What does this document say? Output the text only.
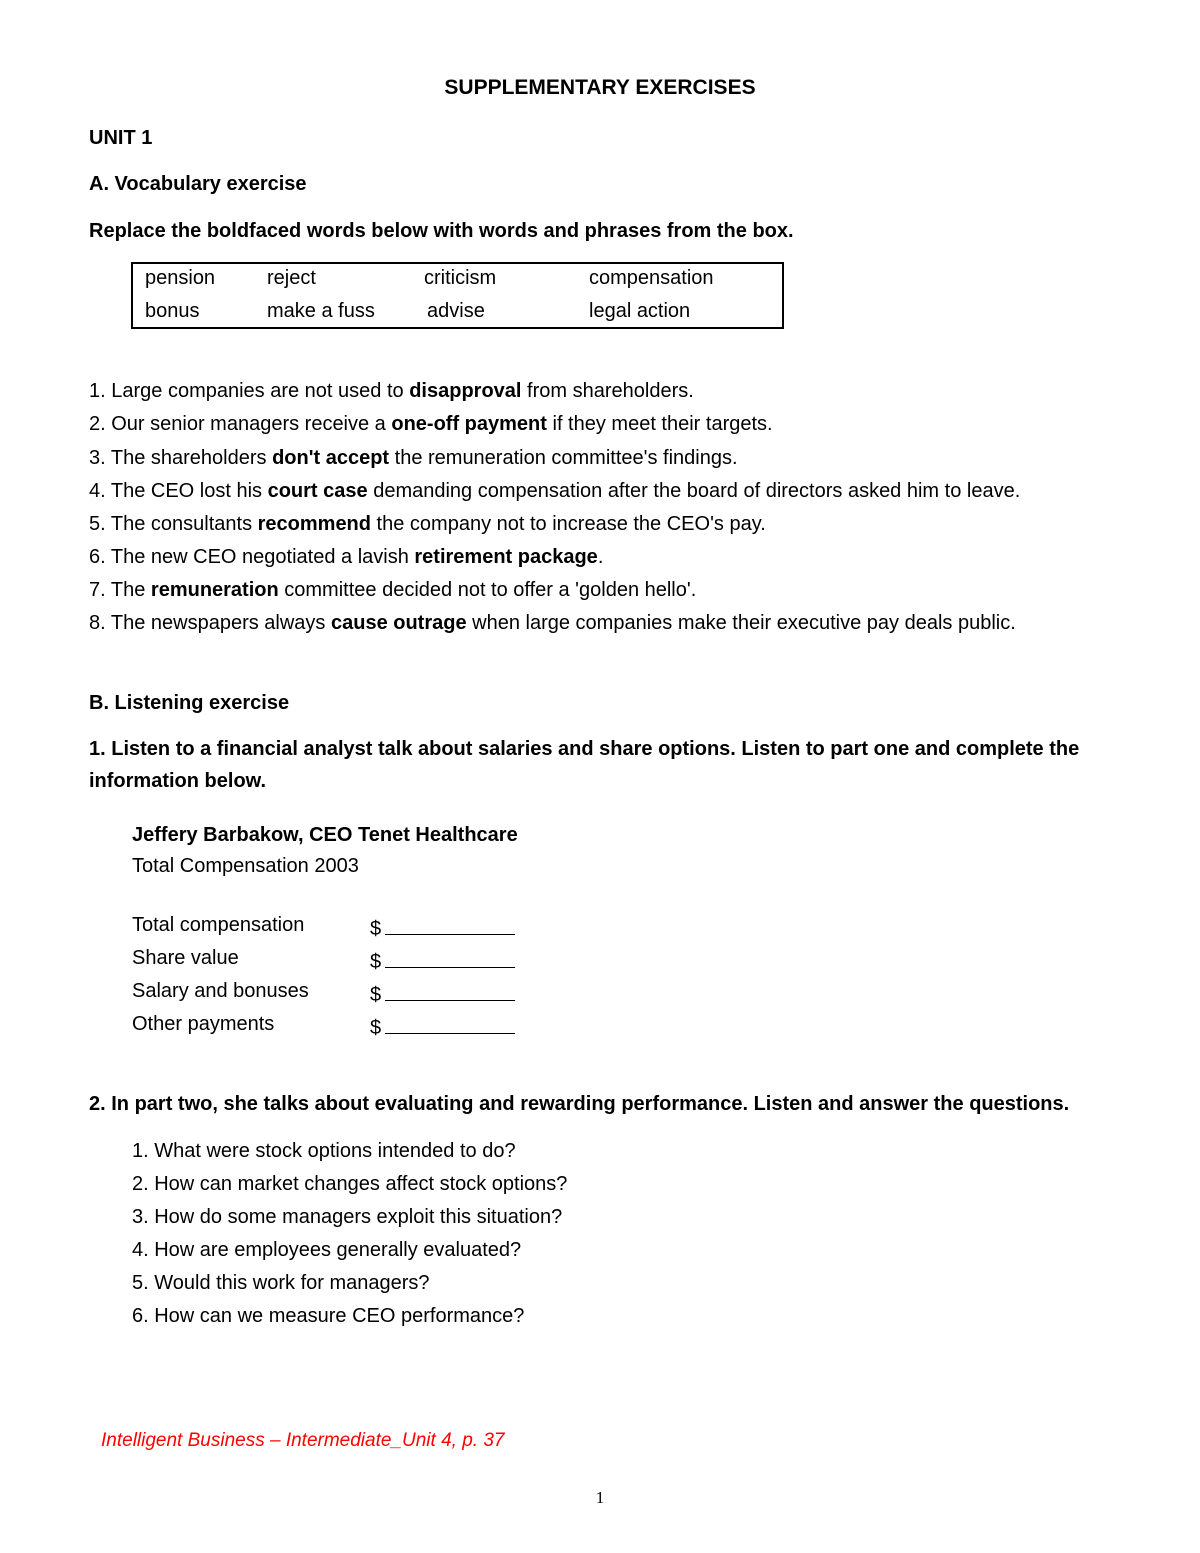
SUPPLEMENTARY EXERCISES
UNIT 1
A. Vocabulary exercise
Replace the boldfaced words below with words and phrases from the box.
pension	reject	criticism	compensation
bonus	make a fuss	advise	legal action
1. Large companies are not used to disapproval from shareholders.
2. Our senior managers receive a one-off payment if they meet their targets.
3. The shareholders don't accept the remuneration committee's findings.
4. The CEO lost his court case demanding compensation after the board of directors asked him to leave.
5. The consultants recommend the company not to increase the CEO's pay.
6. The new CEO negotiated a lavish retirement package.
7. The remuneration committee decided not to offer a 'golden hello'.
8. The newspapers always cause outrage when large companies make their executive pay deals public.
B. Listening exercise
1. Listen to a financial analyst talk about salaries and share options. Listen to part one and complete the
information below.
Jeffery Barbakow, CEO Tenet Healthcare
Total Compensation 2003
Total compensation	$
Share value	$
Salary and bonuses	$
Other payments	$
2. In part two, she talks about evaluating and rewarding performance. Listen and answer the questions.
1. What were stock options intended to do?
2. How can market changes affect stock options?
3. How do some managers exploit this situation?
4. How are employees generally evaluated?
5. Would this work for managers?
6. How can we measure CEO performance?
Intelligent Business – Intermediate_Unit 4, p. 37
1
